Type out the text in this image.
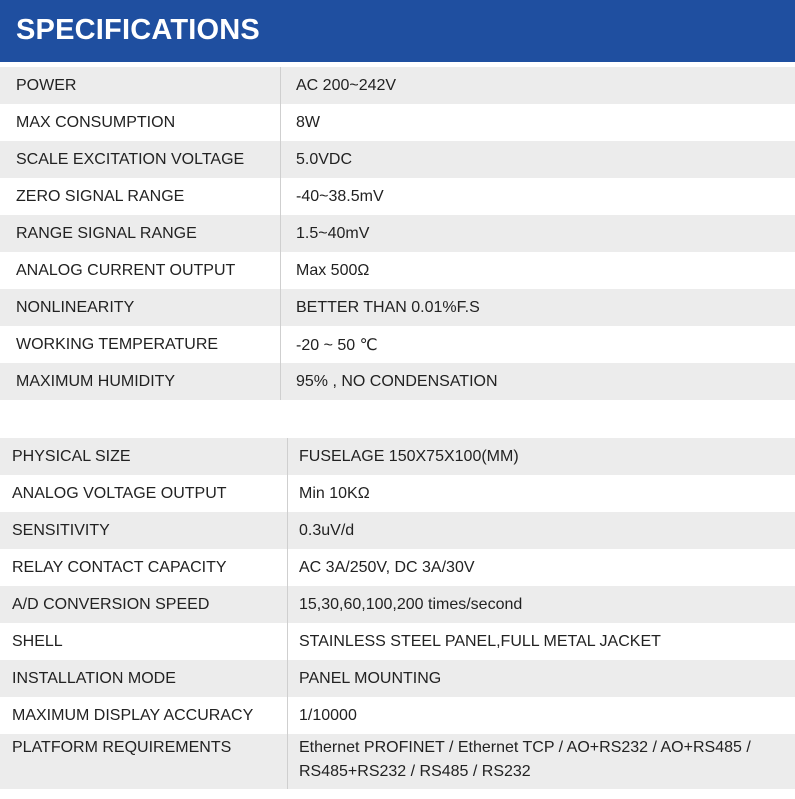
SPECIFICATIONS
POWER	AC 200~242V
MAX CONSUMPTION	8W
SCALE EXCITATION VOLTAGE	5.0VDC
ZERO SIGNAL RANGE	-40~38.5mV
RANGE SIGNAL RANGE	1.5~40mV
ANALOG CURRENT OUTPUT	Max 500Ω
NONLINEARITY	BETTER THAN 0.01%F.S
WORKING TEMPERATURE	-20 ~ 50 ℃
MAXIMUM HUMIDITY	95% , NO CONDENSATION
PHYSICAL SIZE	FUSELAGE 150X75X100(MM)
ANALOG VOLTAGE OUTPUT	Min 10KΩ
SENSITIVITY	0.3uV/d
RELAY CONTACT CAPACITY	AC 3A/250V, DC 3A/30V
A/D CONVERSION SPEED	15,30,60,100,200 times/second
SHELL	STAINLESS STEEL PANEL,FULL METAL JACKET
INSTALLATION MODE	PANEL MOUNTING
MAXIMUM DISPLAY ACCURACY	1/10000
PLATFORM REQUIREMENTS	Ethernet PROFINET / Ethernet TCP / AO+RS232 / AO+RS485 / RS485+RS232 / RS485 / RS232
